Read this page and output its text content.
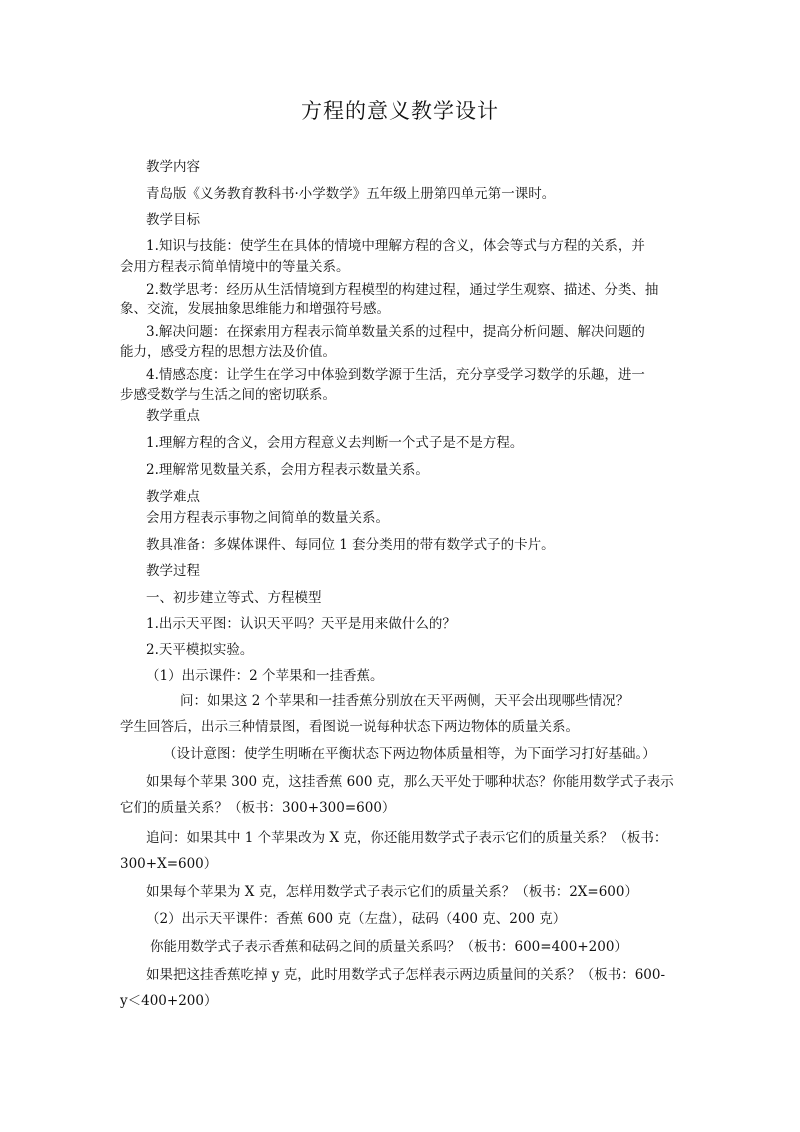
方程的意义教学设计
教学内容
青岛版《义务教育教科书·小学数学》五年级上册第四单元第一课时。
教学目标
1.知识与技能：使学生在具体的情境中理解方程的含义，体会等式与方程的关系，并
会用方程表示简单情境中的等量关系。
2.数学思考：经历从生活情境到方程模型的构建过程，通过学生观察、描述、分类、抽
象、交流，发展抽象思维能力和增强符号感。
3.解决问题：在探索用方程表示简单数量关系的过程中，提高分析问题、解决问题的
能力，感受方程的思想方法及价值。
4.情感态度：让学生在学习中体验到数学源于生活，充分享受学习数学的乐趣，进一
步感受数学与生活之间的密切联系。
教学重点
1.理解方程的含义，会用方程意义去判断一个式子是不是方程。
2.理解常见数量关系，会用方程表示数量关系。
教学难点
会用方程表示事物之间简单的数量关系。
教具准备：多媒体课件、每同位 1 套分类用的带有数学式子的卡片。
教学过程
一、初步建立等式、方程模型
1.出示天平图：认识天平吗？天平是用来做什么的？
2.天平模拟实验。
（1）出示课件：2 个苹果和一挂香蕉。
问：如果这 2 个苹果和一挂香蕉分别放在天平两侧，天平会出现哪些情况？
学生回答后，出示三种情景图，看图说一说每种状态下两边物体的质量关系。
（设计意图：使学生明晰在平衡状态下两边物体质量相等，为下面学习打好基础。）
如果每个苹果 300 克，这挂香蕉 600 克，那么天平处于哪种状态？你能用数学式子表示
它们的质量关系？（板书：300+300=600）
追问：如果其中 1 个苹果改为 X 克，你还能用数学式子表示它们的质量关系？（板书：
300+X=600）
如果每个苹果为 X 克，怎样用数学式子表示它们的质量关系？（板书：2X=600）
（2）出示天平课件：香蕉 600 克（左盘），砝码（400 克、200 克）
你能用数学式子表示香蕉和砝码之间的质量关系吗？（板书：600=400+200）
如果把这挂香蕉吃掉 y 克，此时用数学式子怎样表示两边质量间的关系？（板书：600-
y＜400+200）
